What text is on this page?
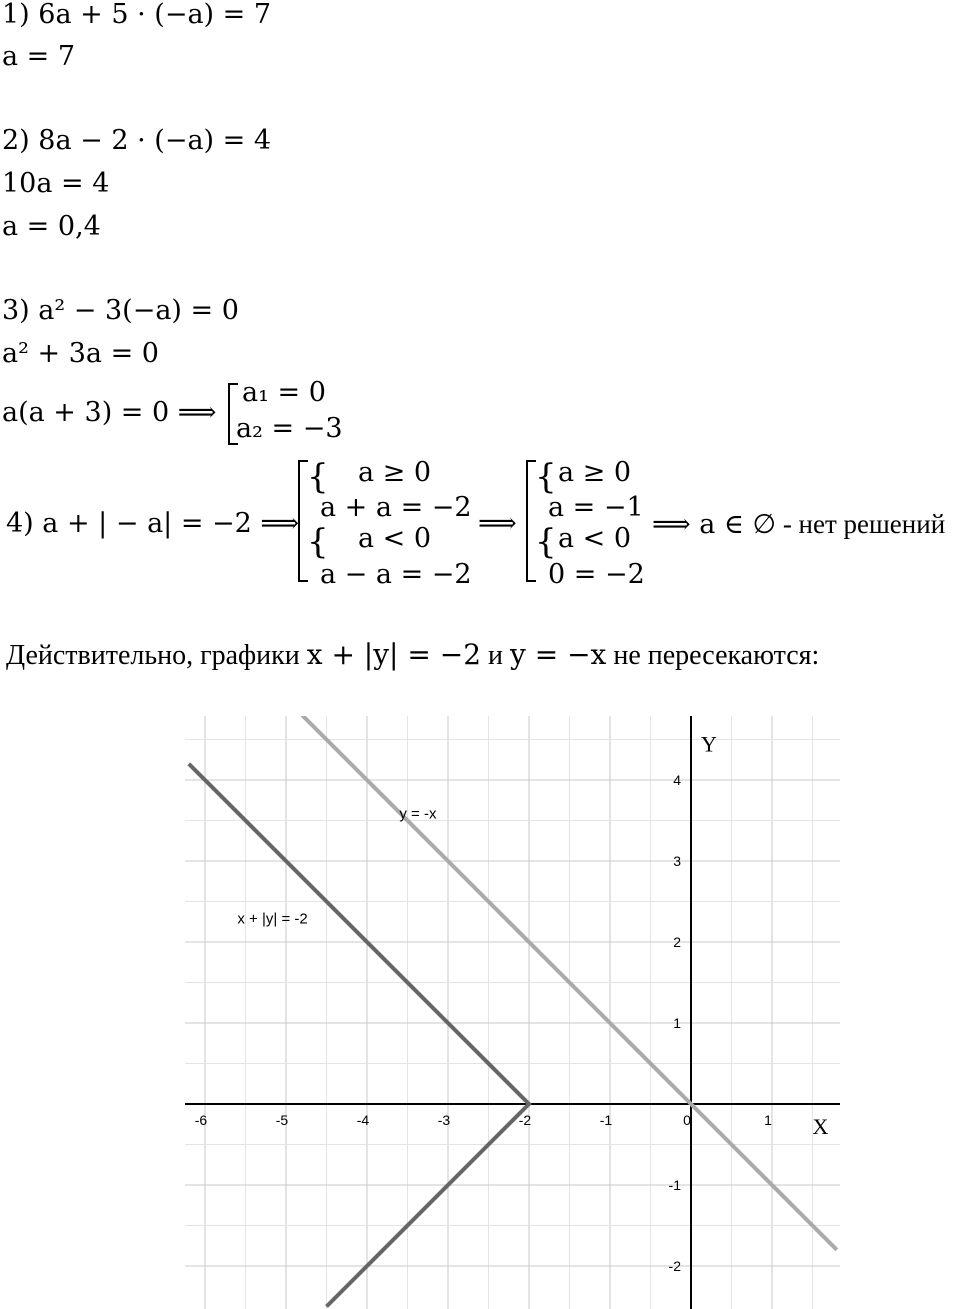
1) 6a + 5 · (−a) = 7
a = 7
2) 8a − 2 · (−a) = 4
10a = 4
a = 0,4
3) a² − 3(−a) = 0
a² + 3a = 0
a(a + 3) = 0 ⟹
a₁ = 0
a₂ = −3
4) a + | − a| = −2 ⟹
{
{
a ≥ 0
a + a = −2
a < 0
a − a = −2
⟹
{
{
a ≥ 0
a = −1
a < 0
0 = −2
⟹ a ∈ ∅ - нет решений
Действительно, графики x + |y| = −2 и y = −x не пересекаются:
-6	-5	-4	-3	-2	-1	0	1
4
3
2
1
-1
-2
X
Y
y = -x
x + |y| = -2
